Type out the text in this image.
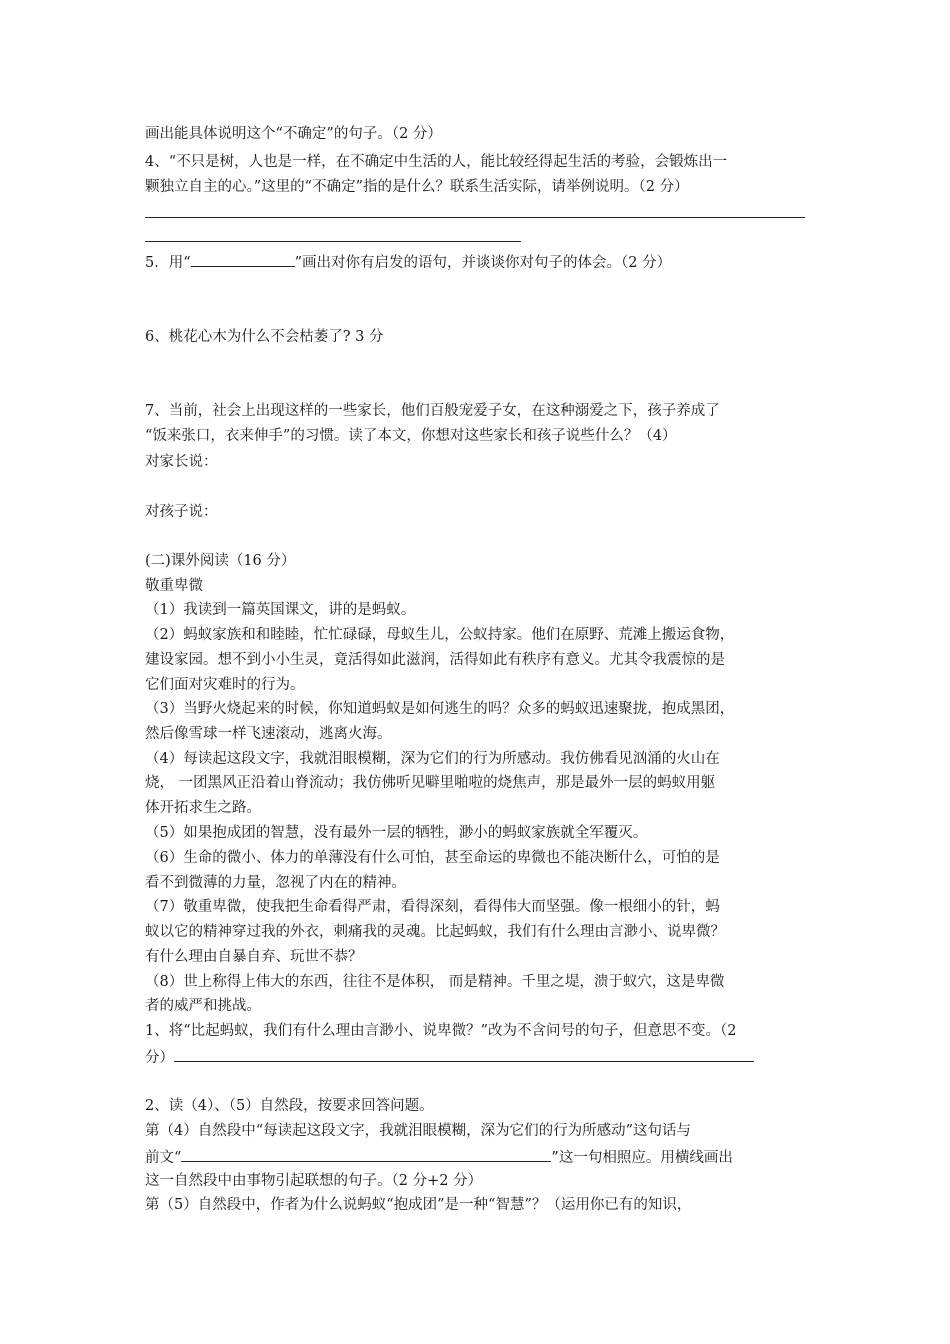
画出能具体说明这个“不确定”的句子。（2 分）
4、“不只是树，人也是一样，在不确定中生活的人，能比较经得起生活的考验，会锻炼出一
颗独立自主的心。”这里的“不确定”指的是什么？联系生活实际，请举例说明。（2 分）
5．用“	”画出对你有启发的语句，并谈谈你对句子的体会。（2 分）
6、桃花心木为什么不会枯萎了? 3 分
7、当前，社会上出现这样的一些家长，他们百般宠爱子女，在这种溺爱之下，孩子养成了
“饭来张口，衣来伸手”的习惯。读了本文，你想对这些家长和孩子说些什么？（4）
对家长说：
对孩子说：
(二)课外阅读（16 分）
敬重卑微
（1）我读到一篇英国课文，讲的是蚂蚁。
（2）蚂蚁家族和和睦睦，忙忙碌碌，母蚁生儿，公蚁持家。他们在原野、荒滩上搬运食物，
建设家园。想不到小小生灵，竟活得如此滋润，活得如此有秩序有意义。尤其令我震惊的是
它们面对灾难时的行为。
（3）当野火烧起来的时候，你知道蚂蚁是如何逃生的吗？众多的蚂蚁迅速聚拢，抱成黑团，
然后像雪球一样飞速滚动，逃离火海。
（4）每读起这段文字，我就泪眼模糊，深为它们的行为所感动。我仿佛看见汹涌的火山在
烧， 一团黑风正沿着山脊流动；我仿佛听见噼里啪啦的烧焦声，那是最外一层的蚂蚁用躯
体开拓求生之路。
（5）如果抱成团的智慧，没有最外一层的牺牲，渺小的蚂蚁家族就全军覆灭。
（6）生命的微小、体力的单薄没有什么可怕，甚至命运的卑微也不能决断什么，可怕的是
看不到微薄的力量，忽视了内在的精神。
（7）敬重卑微，使我把生命看得严肃，看得深刻，看得伟大而坚强。像一根细小的针，蚂
蚁以它的精神穿过我的外衣，刺痛我的灵魂。比起蚂蚁，我们有什么理由言渺小、说卑微？
有什么理由自暴自弃、玩世不恭？
（8）世上称得上伟大的东西，往往不是体积， 而是精神。千里之堤，溃于蚁穴，这是卑微
者的威严和挑战。
1、将“比起蚂蚁，我们有什么理由言渺小、说卑微？”改为不含问号的句子，但意思不变。（2
分）
2、读（4）、（5）自然段，按要求回答问题。
第（4）自然段中“每读起这段文字，我就泪眼模糊，深为它们的行为所感动”这句话与
前文“	”这一句相照应。用横线画出
这一自然段中由事物引起联想的句子。（2 分+2 分）
第（5）自然段中，作者为什么说蚂蚁“抱成团”是一种“智慧”？（运用你已有的知识，
